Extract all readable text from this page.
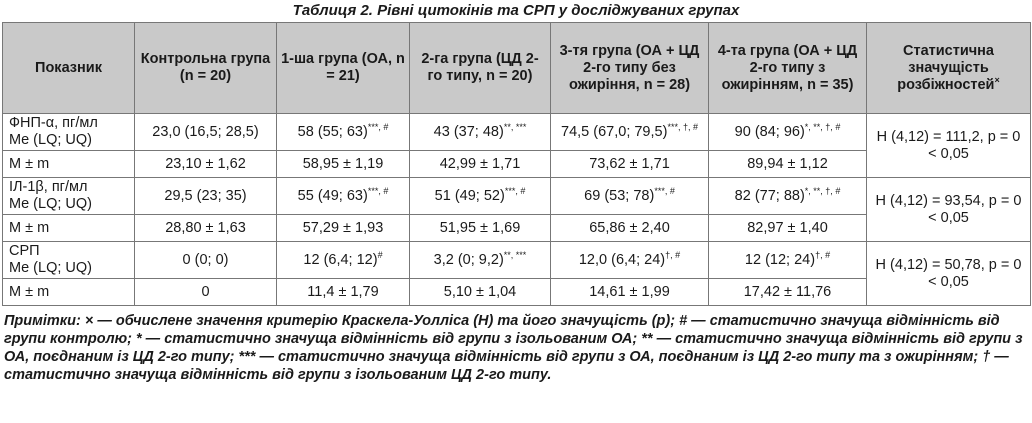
Таблиця 2. Рівні цитокінів та СРП у досліджуваних групах
Показник	Контрольна група (n = 20)	1-ша група (ОА, n = 21)	2-га група (ЦД 2-го типу, n = 20)	3-тя група (ОА + ЦД 2-го типу без ожиріння, n = 28)	4-та група (ОА + ЦД 2-го типу з ожирінням, n = 35)	Статистична значущість розбіжностей×
ФНП-α, пг/мл
Me (LQ; UQ)	23,0 (16,5; 28,5)	58 (55; 63)***, #	43 (37; 48)**, ***	74,5 (67,0; 79,5)***, †, #	90 (84; 96)*, **, †, #	H (4,12) = 111,2, p = 0 < 0,05
M ± m	23,10 ± 1,62	58,95 ± 1,19	42,99 ± 1,71	73,62 ± 1,71	89,94 ± 1,12	
ІЛ-1β, пг/мл
Me (LQ; UQ)	29,5 (23; 35)	55 (49; 63)***, #	51 (49; 52)***, #	69 (53; 78)***, #	82 (77; 88)*, **, †, #	H (4,12) = 93,54, p = 0 < 0,05
M ± m	28,80 ± 1,63	57,29 ± 1,93	51,95 ± 1,69	65,86 ± 2,40	82,97 ± 1,40	
СРП
Me (LQ; UQ)	0 (0; 0)	12 (6,4; 12)#	3,2 (0; 9,2)**, ***	12,0 (6,4; 24)†, #	12 (12; 24)†, #	H (4,12) = 50,78, p = 0 < 0,05
M ± m	0	11,4 ± 1,79	5,10 ± 1,04	14,61 ± 1,99	17,42 ± 11,76	
Примітки: × — обчислене значення критерію Краскела-Уолліса (Н) та його значущість (р); # — статистично значуща відмінність від групи контролю; * — статистично значуща відмінність від групи з ізольованим ОА; ** — статистично значуща відмінність від групи з ОА, поєднаним із ЦД 2-го типу; *** — статистично значуща відмінність від групи з ОА, поєднаним із ЦД 2-го типу та з ожирінням; † — статистично значуща відмінність від групи з ізольованим ЦД 2-го типу.
